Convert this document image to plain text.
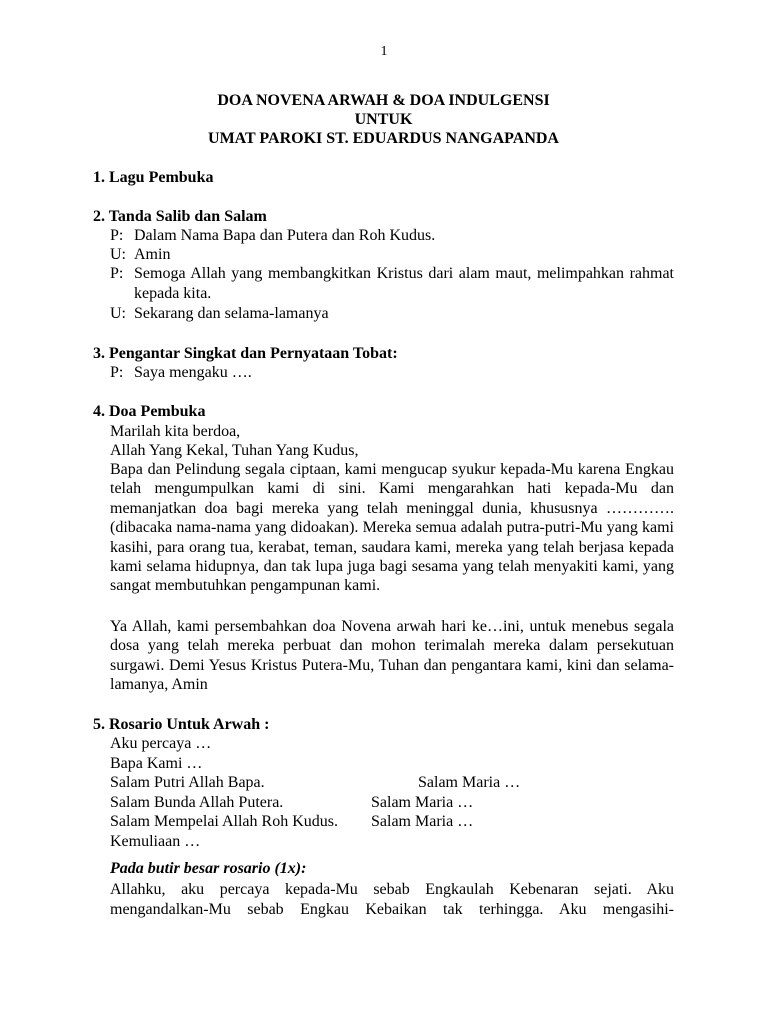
1
DOA NOVENA ARWAH & DOA INDULGENSI
UNTUK
UMAT PAROKI ST. EDUARDUS NANGAPANDA
1. Lagu Pembuka
2. Tanda Salib dan Salam
P: Dalam Nama Bapa dan Putera dan Roh Kudus.
U: Amin
P: Semoga Allah yang membangkitkan Kristus dari alam maut, melimpahkan rahmat kepada kita.
U: Sekarang dan selama-lamanya
3. Pengantar Singkat dan Pernyataan Tobat:
P: Saya mengaku ….
4. Doa Pembuka
Marilah kita berdoa,
Allah Yang Kekal, Tuhan Yang Kudus,
Bapa dan Pelindung segala ciptaan, kami mengucap syukur kepada-Mu karena Engkau telah mengumpulkan kami di sini. Kami mengarahkan hati kepada-Mu dan memanjatkan doa bagi mereka yang telah meninggal dunia, khususnya ………….(dibacaka nama-nama yang didoakan). Mereka semua adalah putra-putri-Mu yang kami kasihi, para orang tua, kerabat, teman, saudara kami, mereka yang telah berjasa kepada kami selama hidupnya, dan tak lupa juga bagi sesama yang telah menyakiti kami, yang sangat membutuhkan pengampunan kami.
Ya Allah, kami persembahkan doa Novena arwah hari ke…ini, untuk menebus segala dosa yang telah mereka perbuat dan mohon terimalah mereka dalam persekutuan surgawi. Demi Yesus Kristus Putera-Mu, Tuhan dan pengantara kami, kini dan selama-lamanya, Amin
5. Rosario Untuk Arwah :
Aku percaya …
Bapa Kami …
Salam Putri Allah Bapa.	Salam Maria …
Salam Bunda Allah Putera.	Salam Maria …
Salam Mempelai Allah Roh Kudus. Salam Maria …
Kemuliaan …
Pada butir besar rosario (1x):
Allahku, aku percaya kepada-Mu sebab Engkaulah Kebenaran sejati. Aku mengandalkan-Mu sebab Engkau Kebaikan tak terhingga. Aku mengasihi-
